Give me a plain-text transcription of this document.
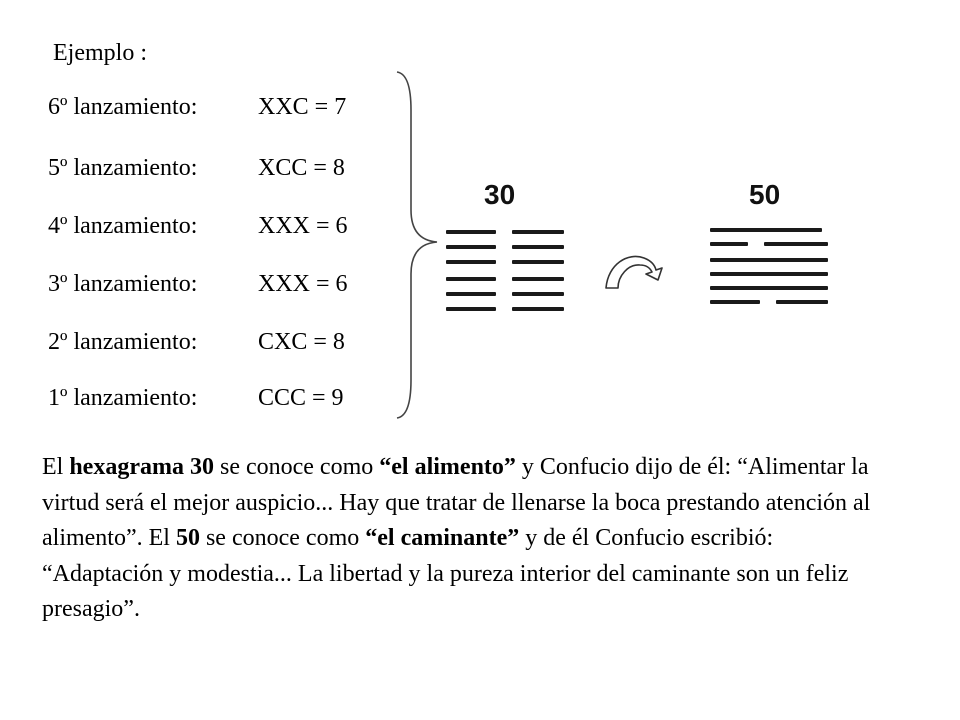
Ejemplo :
6º lanzamiento:	XXC = 7
5º lanzamiento:	XCC = 8
4º lanzamiento:	XXX = 6
3º lanzamiento:	XXX = 6
2º lanzamiento:	CXC = 8
1º lanzamiento:	CCC = 9
30	50
El hexagrama 30 se conoce como “el alimento” y Confucio dijo de él: “Alimentar la virtud será el mejor auspicio... Hay que tratar de llenarse la boca prestando atención al alimento”. El 50 se conoce como “el caminante” y de él Confucio escribió: “Adaptación y modestia... La libertad y la pureza interior del caminante son un feliz presagio”.
